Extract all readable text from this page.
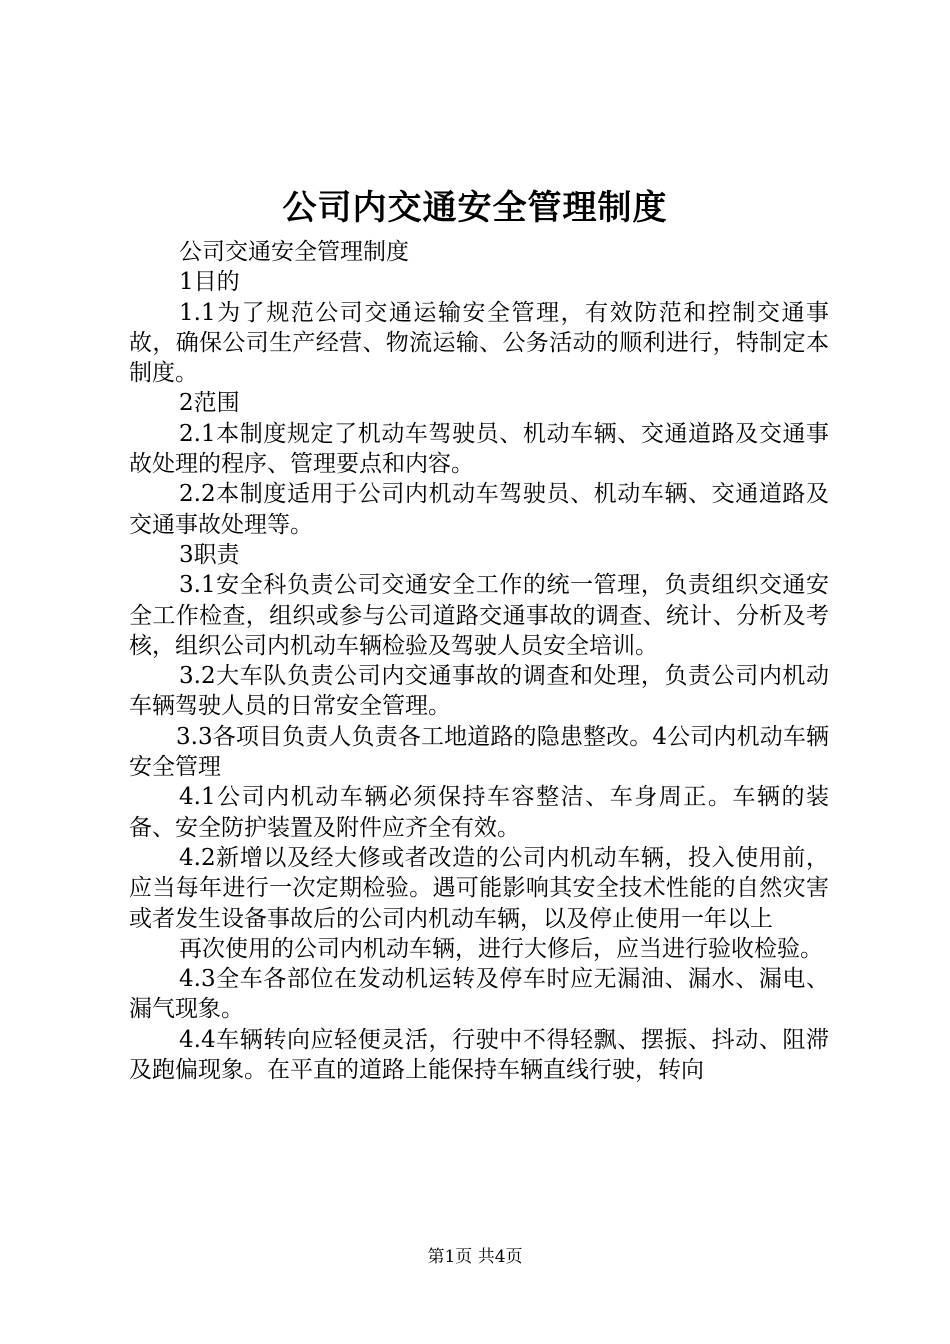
公司内交通安全管理制度

公司交通安全管理制度

1目的

1.1为了规范公司交通运输安全管理，有效防范和控制交通事故，确保公司生产经营、物流运输、公务活动的顺利进行，特制定本制度。

2范围

2.1本制度规定了机动车驾驶员、机动车辆、交通道路及交通事故处理的程序、管理要点和内容。

2.2本制度适用于公司内机动车驾驶员、机动车辆、交通道路及交通事故处理等。

3职责

3.1安全科负责公司交通安全工作的统一管理，负责组织交通安全工作检查，组织或参与公司道路交通事故的调查、统计、分析及考核，组织公司内机动车辆检验及驾驶人员安全培训。

3.2大车队负责公司内交通事故的调查和处理，负责公司内机动车辆驾驶人员的日常安全管理。

3.3各项目负责人负责各工地道路的隐患整改。4公司内机动车辆安全管理

4.1公司内机动车辆必须保持车容整洁、车身周正。车辆的装备、安全防护装置及附件应齐全有效。

4.2新增以及经大修或者改造的公司内机动车辆，投入使用前，应当每年进行一次定期检验。遇可能影响其安全技术性能的自然灾害或者发生设备事故后的公司内机动车辆，以及停止使用一年以上

再次使用的公司内机动车辆，进行大修后，应当进行验收检验。

4.3全车各部位在发动机运转及停车时应无漏油、漏水、漏电、漏气现象。

4.4车辆转向应轻便灵活，行驶中不得轻飘、摆振、抖动、阻滞及跑偏现象。在平直的道路上能保持车辆直线行驶，转向

第1页 共4页
